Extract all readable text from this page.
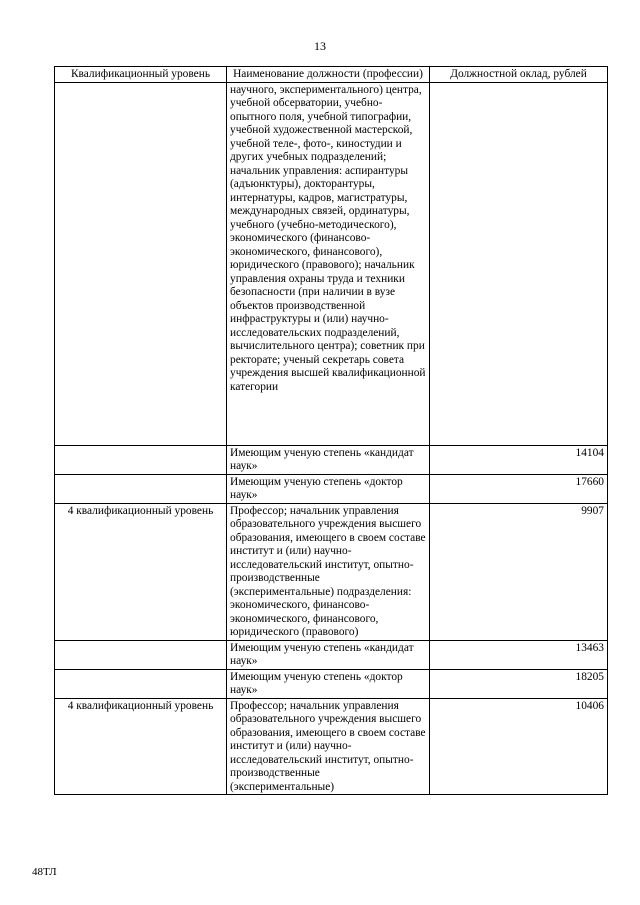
13
Квалификационный уровень	Наименование должности (профессии)	Должностной оклад, рублей
	научного, экспериментального) центра, учебной обсерватории, учебно-опытного поля, учебной типографии, учебной художественной мастерской, учебной теле-, фото-, киностудии и других учебных подразделений; начальник управления: аспирантуры (адъюнктуры), докторантуры, интернатуры, кадров, магистратуры, международных связей, ординатуры, учебного (учебно-методического), экономического (финансово-экономического, финансового), юридического (правового); начальник управления охраны труда и техники безопасности (при наличии в вузе объектов производственной инфраструктуры и (или) научно-исследовательских подразделений, вычислительного центра); советник при ректорате; ученый секретарь совета учреждения высшей квалификационной категории	
	Имеющим ученую степень «кандидат наук»	14104
	Имеющим ученую степень «доктор наук»	17660
4 квалификационный уровень	Профессор; начальник управления образовательного учреждения высшего образования, имеющего в своем составе институт и (или) научно-исследовательский институт, опытно-производственные (экспериментальные) подразделения: экономического, финансово-экономического, финансового, юридического (правового)	9907
	Имеющим ученую степень «кандидат наук»	13463
	Имеющим ученую степень «доктор наук»	18205
4 квалификационный уровень	Профессор; начальник управления образовательного учреждения высшего образования, имеющего в своем составе институт и (или) научно-исследовательский институт, опытно-производственные (экспериментальные)	10406
48ТЛ
